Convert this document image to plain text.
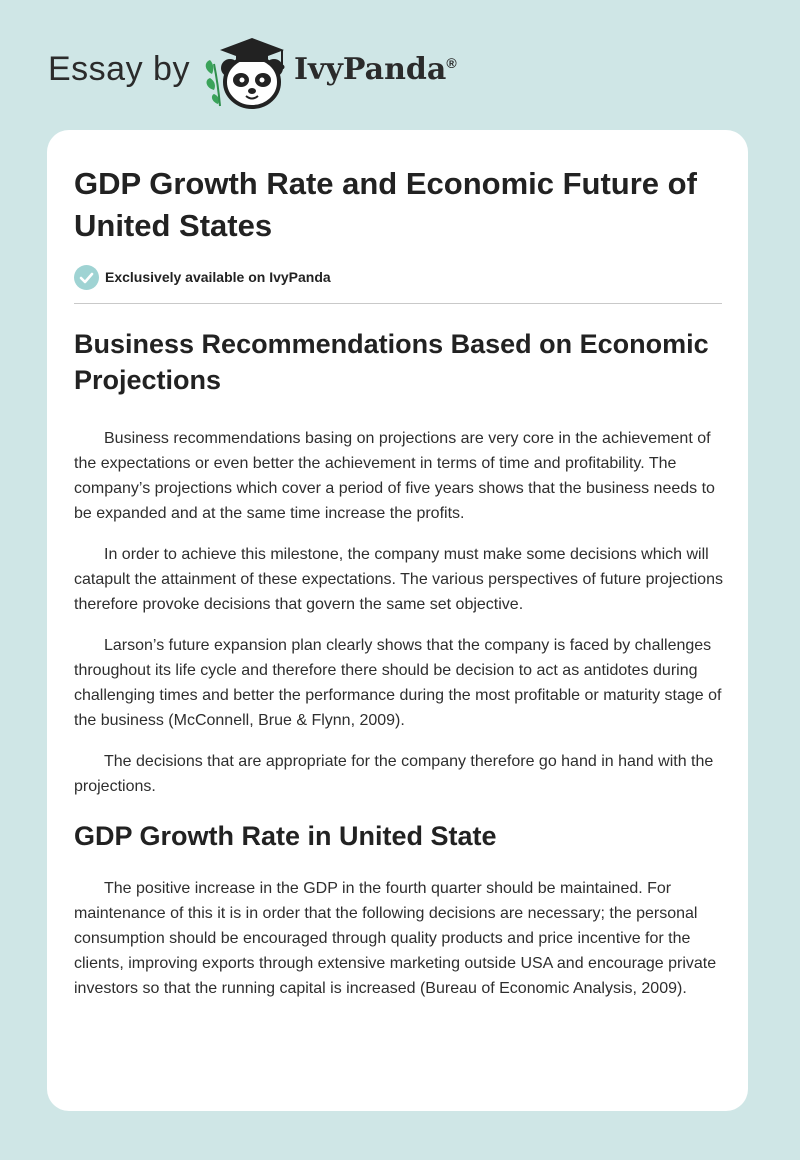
Essay by	IvyPanda®
GDP Growth Rate and Economic Future of United States
Exclusively available on IvyPanda
Business Recommendations Based on Economic Projections

Business recommendations basing on projections are very core in the achievement of the expectations or even better the achievement in terms of time and profitability. The company’s projections which cover a period of five years shows that the business needs to be expanded and at the same time increase the profits.

In order to achieve this milestone, the company must make some decisions which will catapult the attainment of these expectations. The various perspectives of future projections therefore provoke decisions that govern the same set objective.

Larson’s future expansion plan clearly shows that the company is faced by challenges throughout its life cycle and therefore there should be decision to act as antidotes during challenging times and better the performance during the most profitable or maturity stage of the business (McConnell, Brue & Flynn, 2009).

The decisions that are appropriate for the company therefore go hand in hand with the projections.

GDP Growth Rate in United State

The positive increase in the GDP in the fourth quarter should be maintained. For maintenance of this it is in order that the following decisions are necessary; the personal consumption should be encouraged through quality products and price incentive for the clients, improving exports through extensive marketing outside USA and encourage private investors so that the running capital is increased (Bureau of Economic Analysis, 2009).
